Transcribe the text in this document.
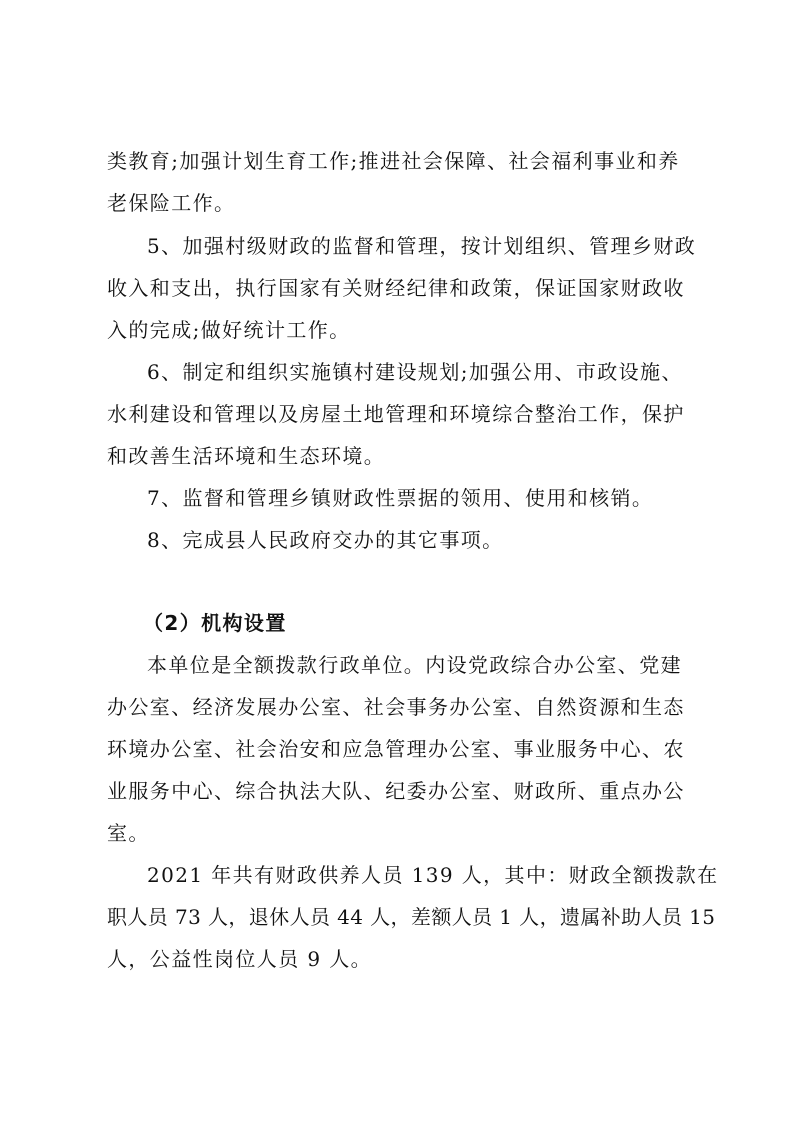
类教育;加强计划生育工作;推进社会保障、社会福利事业和养
老保险工作。
5、加强村级财政的监督和管理，按计划组织、管理乡财政
收入和支出，执行国家有关财经纪律和政策，保证国家财政收
入的完成;做好统计工作。
6、制定和组织实施镇村建设规划;加强公用、市政设施、
水利建设和管理以及房屋土地管理和环境综合整治工作，保护
和改善生活环境和生态环境。
7、监督和管理乡镇财政性票据的领用、使用和核销。
8、完成县人民政府交办的其它事项。
（2）机构设置
本单位是全额拨款行政单位。内设党政综合办公室、党建
办公室、经济发展办公室、社会事务办公室、自然资源和生态
环境办公室、社会治安和应急管理办公室、事业服务中心、农
业服务中心、综合执法大队、纪委办公室、财政所、重点办公
室。
2021 年共有财政供养人员 139 人，其中：财政全额拨款在
职人员 73 人，退休人员 44 人，差额人员 1 人，遗属补助人员 15
人，公益性岗位人员 9 人。
